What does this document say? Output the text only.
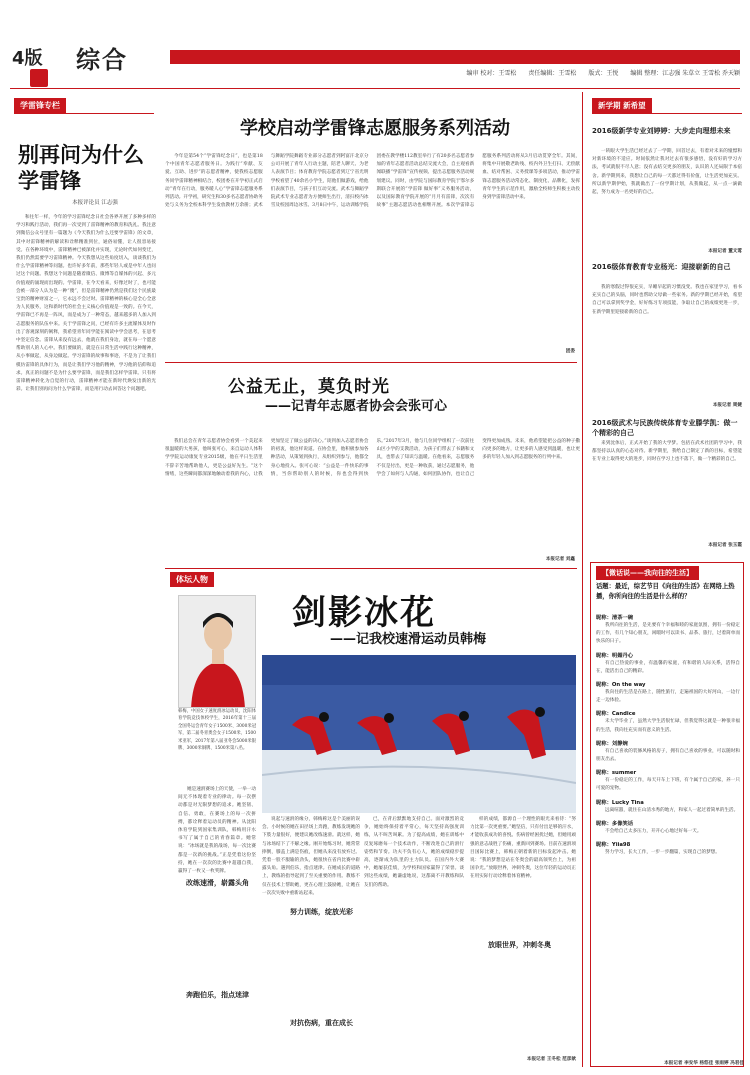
4版 综合	编审 校对：王雪松　　责任编辑：王雪松　　版式：王悦　　编辑 整理：江志强 朱草立 王雪松 乔天颖
学雷锋专栏
别再问为什么学雷锋
本报评论员 江志强

和往年一样，今年的学习雷锋纪念日社会各界开展了多种多样的学习和践行活动，我们再一次受到了雷锋精神的教育和洗礼。我注意到微信公众号里有一篇题为《今天我们为什么还要学雷锋》的文章，其中对雷锋精神的解读和诠释精准到位，通俗易懂，让人很容易接受。在各种环境中，雷锋精神已被深化并实现，无论时代如何变迁，我们仍然需要学习雷锋精神。今天我想从这些角度切入，谈谈我们为什么学雷锋精神等问题。也许好多年前，那些年轻人或是中年人也问过这个问题。我想这个问题是随着微信、微博等自媒体的兴起、多元价值观的涌现而出现的。学雷锋，在今天看来，好像过时了，也可能会被一部分人认为是一种“傻”，但是雷锋精神仍然是我们这个民族最宝贵的精神财富之一，它永远不会过时。雷锋精神的核心是全心全意为人民服务，这和新时代的社会主义核心价值观是一致的。在今天，学雷锋已不再是一阵风，而是成为了一种常态，越来越多的人加入到志愿服务的队伍中来。关于学雷锋之问，已经有许多主流媒体及时作出了客观深刻的阐释，我希望青年同学能在阅读中学会思考，在思考中坚定信念。雷锋从来没有远去，他就在我们身边，就在每一个愿意帮助别人的人心中。我们要做的，就是在日常生活中践行这种精神，从小事做起，从身边做起。学习雷锋的故事和事迹，不是为了让我们模仿雷锋的具体行为，而是让我们学习他的精神，学习他的信仰和追求。真正的问题不是为什么要学雷锋，而是我们怎样学雷锋。只有将雷锋精神转化为自觉的行动，雷锋精神才能在新时代焕发出新的光彩。让我们别再问为什么学雷锋，而是用行动去回答这个问题吧。

学校启动学雷锋志愿服务系列活动

今年是第54个“学雷锋纪念日”，也是第18个中国青年志愿者服务日。为践行“奉献、友爱、互助、进步”的志愿者精神，使我校志愿服务同学雷锋精神相结合，校团委在开学初正式启动“青年在行动，服务暖人心”学雷锋志愿服务系列活动。开学初，研究生和30多名志愿者协助务处与义务为全校本科学生发放教材万余册；武术与舞蹈学院舞蹈专业部分志愿者到阿富汗北京分公司开展了青年人行动主题，陪老人聊天、为老人表演节目；体育教育学院志愿者到辽宁省光明学校看望了40余名小学生，陪他们做游戏，给他们表演节目，与孩子们互动交流。武术与舞蹈学院武术专业志愿者为方便师生出行，清扫校内冰雪及校园周边冰雪。3月8日中午，运动训练学院团委在教学楼112教室举行了有20多名志愿者参加的青年志愿者活动总结交流大会，自主观看新闻联播“学雷锋”宣传视频、提出志愿服务活动规划建议。同时，由学院与国际教育学院于鄂尔多斯联合开展的“学雷锋 做好事”义务服务活动，以及国际教育学院开展的“月月有雷锋，次次有故事”主题志愿活动也相继开展。本次学雷锋志愿服务系列活动将从3月启动贯穿全年。其间，将集中开展敬老助残、校内外卫生打扫、无偿献血、结对帮困、义务授课等多项活动，推动学雷锋志愿服务活动常态化、制度化、品牌化，发挥青年学生的示范作用，激励全校师生积极主动投身到学雷锋活动中来。

团委
公益无止，莫负时光
——记青年志愿者协会会张可心

我们总会在青年志愿者协会看到一个美起来很温暖的大男孩，他叫张可心，来自运动人体科学学院运动康复专业2015级，他在平日生活里不辞辛苦地帮助他人，更是公益好先生。“这个情绪，这些瞬间都深深地触动着我的内心，让我更加坚定了做公益的决心。”谈到加入志愿者协会的初衷，他这样说道。在协会里，他积极参加各种活动，从策划到执行，从组织到参与，他都全身心地投入。张可心说：“公益是一件快乐的事情，当你帮助别人的时候，你也会得到快乐。”2017年3月，他与几位同学组织了一次前往山区小学的支教活动，为孩子们带去了书籍和文具，也带去了知识与温暖。在他看来，志愿服务不仅是付出，更是一种收获，通过志愿服务，他学会了如何与人沟通，如何团队协作，也让自己变得更加成熟。未来，他希望能把公益的种子撒向更多的地方，让更多的人感受到温暖，也让更多的年轻人加入到志愿服务的行列中来。

本报记者 刘鑫
体坛人物
剑影冰花
——记我校速滑运动员韩梅
韩梅，中国女子速度滑冰运动员，沈阳体育学院竞技体校学生，2016年第十三届全国冬运会青年女子1500米、3000米冠军，第二届冬青奥会女子1500米、1500米亚军，2017年第八届亚冬会5000米银牌、3000米铜牌、1500米第八名。

她是速滑赛场上的天使，一举一动间无不体现着专业的律动。每一次摆动都是对无限梦想的追求。她坚韧、自信、勇敢，在赛场上的每一次拼搏，都诠释着运动员的精神。从沈阳体育学院到国家集训队，韩梅用汗水书写了属于自己的青春篇章。她常说：“冰场就是我的战场，每一次比赛都是一次新的挑战。”正是凭着这份坚持，她在一次次的比赛中超越自我，赢得了一枚又一枚奖牌。

改练速滑，崭露头角
奔跑伯乐，指点迷津

说起与速滑的缘分，韩梅称这是个美丽的误会。小时候的她在田径场上奔跑，教练发现她的下肢力量很好，便建议她改练速滑。就这样，她与冰场结下了不解之缘。刚开始练习时，她常常摔倒，膝盖上满是伤痕，但她从来没有放弃过。凭着一股不服输的劲头，她很快在省内比赛中崭露头角。遇到伯乐，指点迷津。在她成长的道路上，教练的指导起到了至关重要的作用。教练不仅在技术上帮助她，更在心理上鼓励她，让她在一次次失败中重新站起来。

努力训练，绽放光彩
对抗伤病，重在成长

已，在背后默默地支持自己。面对激烈的竞争，她始终保持着平常心，每天坚持高强度训练，从不叫苦叫累。为了提高成绩，她在训练中反复琢磨每一个技术动作，不断改进自己的滑行姿势和节奏。功夫不负有心人，她的成绩稳步提高，逐渐成为队里的主力队员。在国内外大赛中，她屡获佳绩，为学校和国家赢得了荣誉。谈到这些成绩，她谦虚地说，这都离不开教练和队友们的帮助。

样的成绩，都源自一个理性的眼光来看待：“努力比第一次更重要。”她坚信，只有付出足够的汗水，才能收获成功的喜悦。伤病曾经困扰过她，但她用顽强的意志战胜了伤痛，重新回到赛场。目前在速滑项目国际比赛上，韩梅正朝着新的目标发起冲击。她说：“我的梦想是站在冬奥会的最高领奖台上，为祖国争光。”放眼世界，冲刺冬奥，这位年轻的运动员正在用实际行动诠释着体育精神。

放眼世界，冲刺冬奥
本报记者 王冬松 范彦歆
新学期 新希望
2016级新学专业刘婷婷：大步走向理想未来

一转眼大学生活已经过去了一学期，回首过去，有着对未来的憧憬和对新环境的不适应。时间依然让我对过去有很多感悟，没有好的学习方法，考试就很不尽人意；没有去结交更多的朋友，认识的人还局限于本宿舍。新学期到来，我想让自己的每一天都过得有价值，让生活更加充实。所以新学期伊始，我就做出了一份学期计划，从我做起，从一点一滴做起，努力成为一名更好的自己。

本报记者 董文莺
2016级体育教育专业杨光：迎接崭新的自己

我的寒假过得很充实，早睡早起的习惯没变。我也在家里学习，看书充实自己的头脑，同时也帮助父母做一些家务。新的学期已经开始，希望自己可以拿到奖学金，好好练习专项技能，争取让自己的成绩更进一步，在新学期里迎接崭新的自己。

本报记者 周婕
2016级武术与民族传统体育专业滕学凯：做一个精彩的自己

来到沈体后，正式开始了我的大学梦。包括在武术社团的学习中，我都坚持以认真的心态对待。新学期里，我给自己制定了新的目标，希望能在专业上取得更大的进步，同时在学习上也不落下，做一个精彩的自己。

本报记者 张玉霞
【微话说——我向往的生活】
话题：最近，综艺节目《向往的生活》在网络上热播，你所向往的生活是什么样的？
昵称：清茶一碗
我所向往的生活，是先要有个幸福和睦的家庭氛围，拥有一份稳定的工作，有几个知心朋友，闲暇时可以读书、品茶、旅行，过着简单而快乐的日子。
昵称：明媚丹心
有自己热爱的事业，有温馨的家庭，有和谐的人际关系，活得自在，能活出自己的精彩。
昵称：On the way
我向往的生活是在路上，随性旅行，走遍祖国的大好河山，一边行走一边体验。
昵称：Candice
未大学毕业了，虽然大学生活很忙碌，但我觉得这就是一种很幸福的生活，我向往充实而有意义的生活。
昵称：刘静婉
有自己喜欢的装修风格的房子，拥有自己喜欢的事业，可以随时和朋友出去。
昵称：summer
有一份稳定的工作，每天开车上下班，有个属于自己的家，养一只可爱的宠物。
昵称：Lucky Tina
远离喧嚣，就住在山清水秀的地方，和家人一起过着简单的生活。
昵称：多像笑话
不会给自己太多压力，开开心心地过好每一天。
昵称：Yiia98
努力学习，长大工作，一步一步翻篇，实现自己的梦想。
本报记者 李安华 杨悠佳 张雨婷 冯君佳
